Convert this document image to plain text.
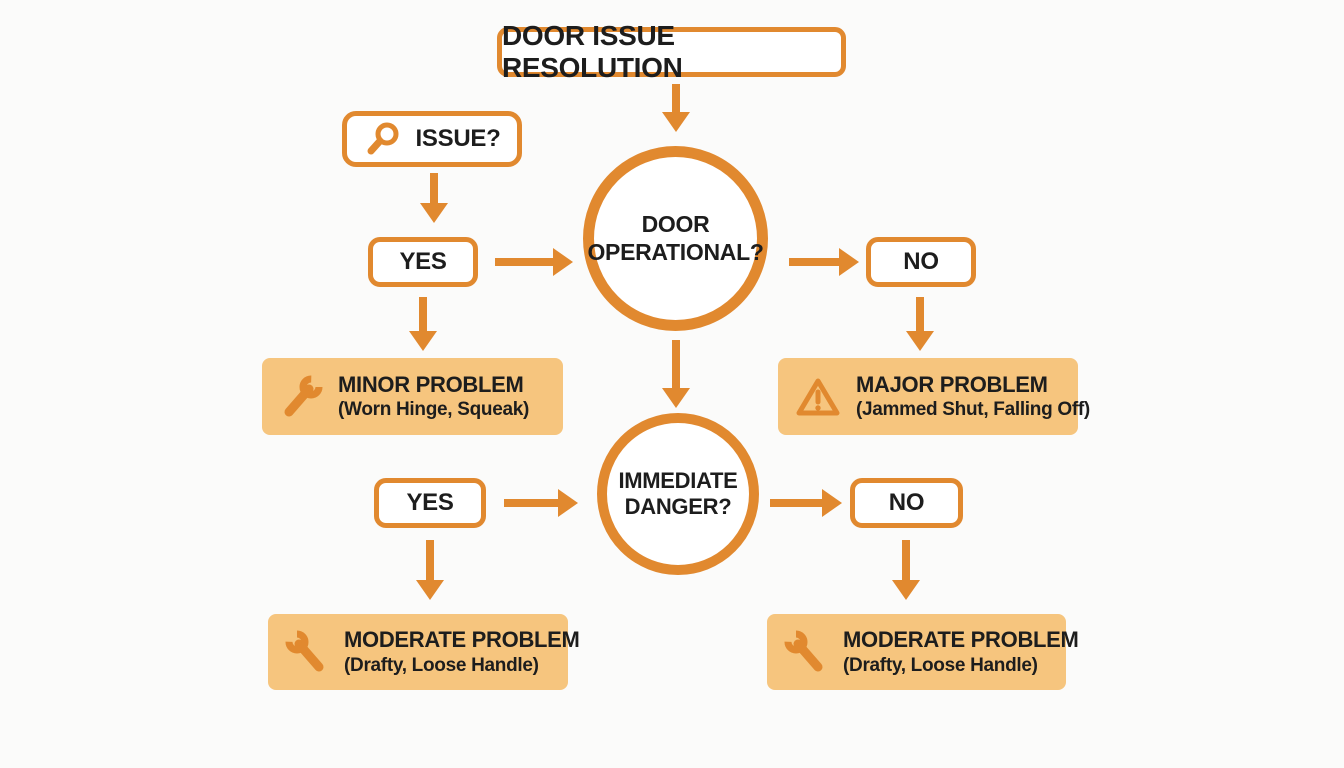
DOOR ISSUE RESOLUTION
ISSUE?
YES
DOOR
OPERATIONAL?	NO
MINOR PROBLEM
(Worn Hinge, Squeak)
MAJOR PROBLEM
(Jammed Shut, Falling Off)
YES
IMMEDIATE
DANGER?	NO
MODERATE PROBLEM
(Drafty, Loose Handle)
MODERATE PROBLEM
(Drafty, Loose Handle)
